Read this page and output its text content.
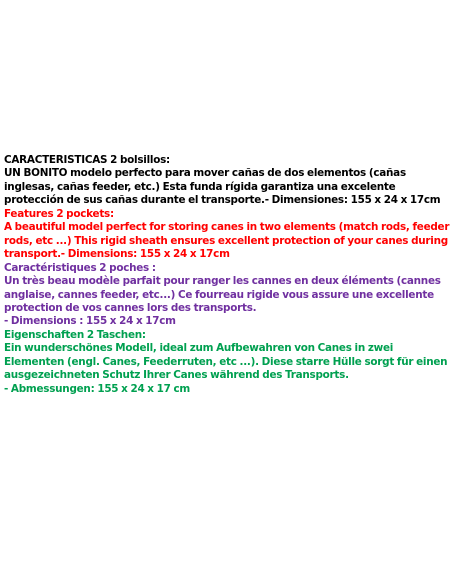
CARACTERISTICAS 2 bolsillos:

UN BONITO modelo perfecto para mover cañas de dos elementos (cañas inglesas, cañas feeder, etc.) Esta funda rígida garantiza una excelente protección de sus cañas durante el transporte.- Dimensiones: 155 x 24 x 17cm

Features 2 pockets:

A beautiful model perfect for storing canes in two elements (match rods, feeder rods, etc ...) This rigid sheath ensures excellent protection of your canes during transport.- Dimensions: 155 x 24 x 17cm

Caractéristiques 2 poches :

Un très beau modèle parfait pour ranger les cannes en deux éléments (cannes anglaise, cannes feeder, etc...) Ce fourreau rigide vous assure une excellente protection de vos cannes lors des transports.

- Dimensions : 155 x 24 x 17cm

Eigenschaften 2 Taschen:

Ein wunderschönes Modell, ideal zum Aufbewahren von Canes in zwei Elementen (engl. Canes, Feederruten, etc ...). Diese starre Hülle sorgt für einen ausgezeichneten Schutz Ihrer Canes während des Transports.

- Abmessungen: 155 x 24 x 17 cm
